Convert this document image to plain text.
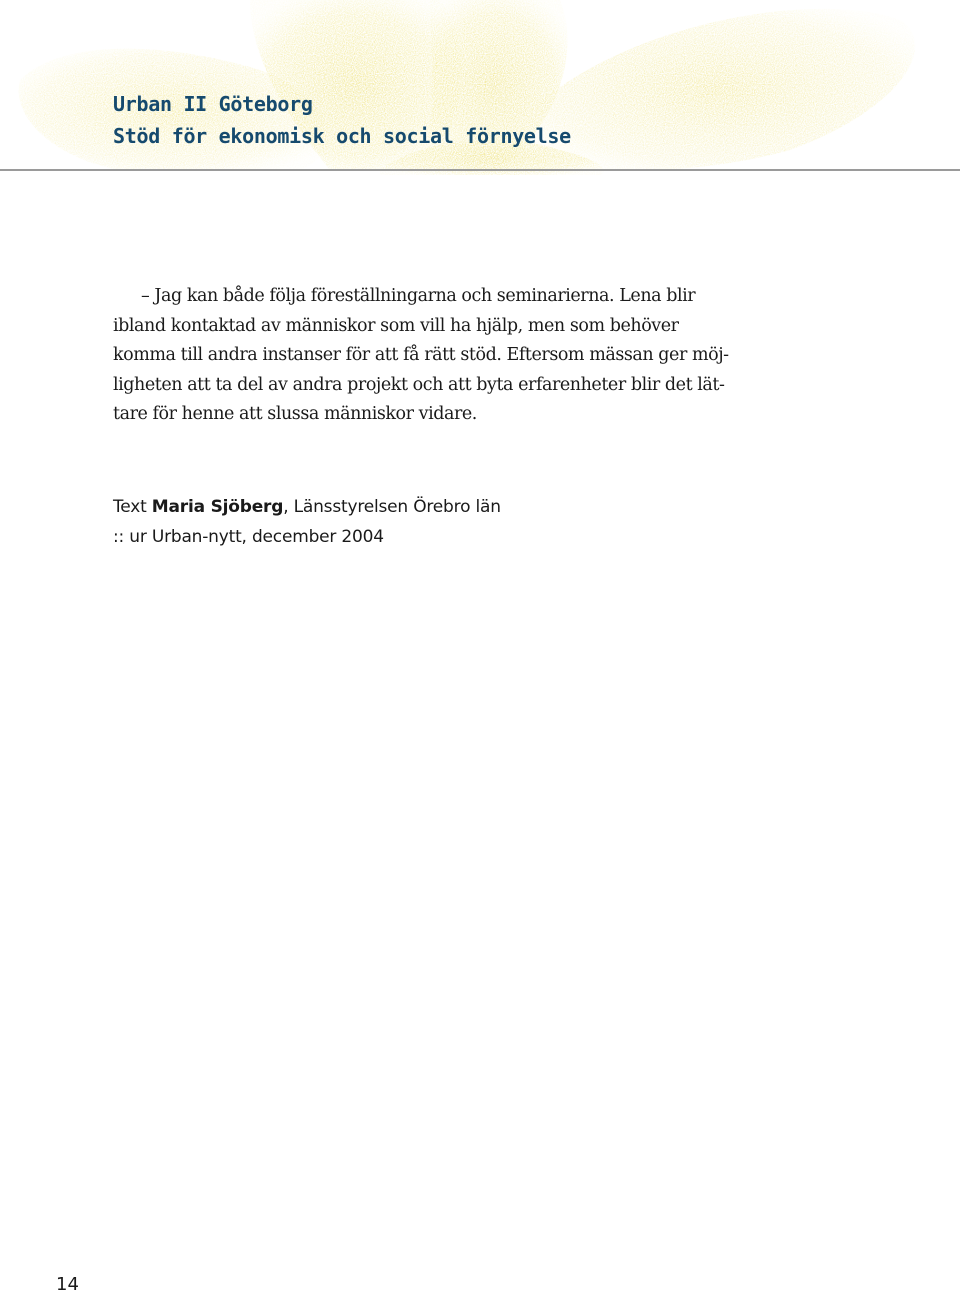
Urban II Göteborg
Stöd för ekonomisk och social förnyelse
– Jag kan både följa föreställningarna och seminarierna. Lena blir
ibland kontaktad av människor som vill ha hjälp, men som behöver
komma till andra instanser för att få rätt stöd. Eftersom mässan ger möj-
ligheten att ta del av andra projekt och att byta erfarenheter blir det lät-
tare för henne att slussa människor vidare.
Text Maria Sjöberg, Länsstyrelsen Örebro län
:: ur Urban-nytt, december 2004
14
